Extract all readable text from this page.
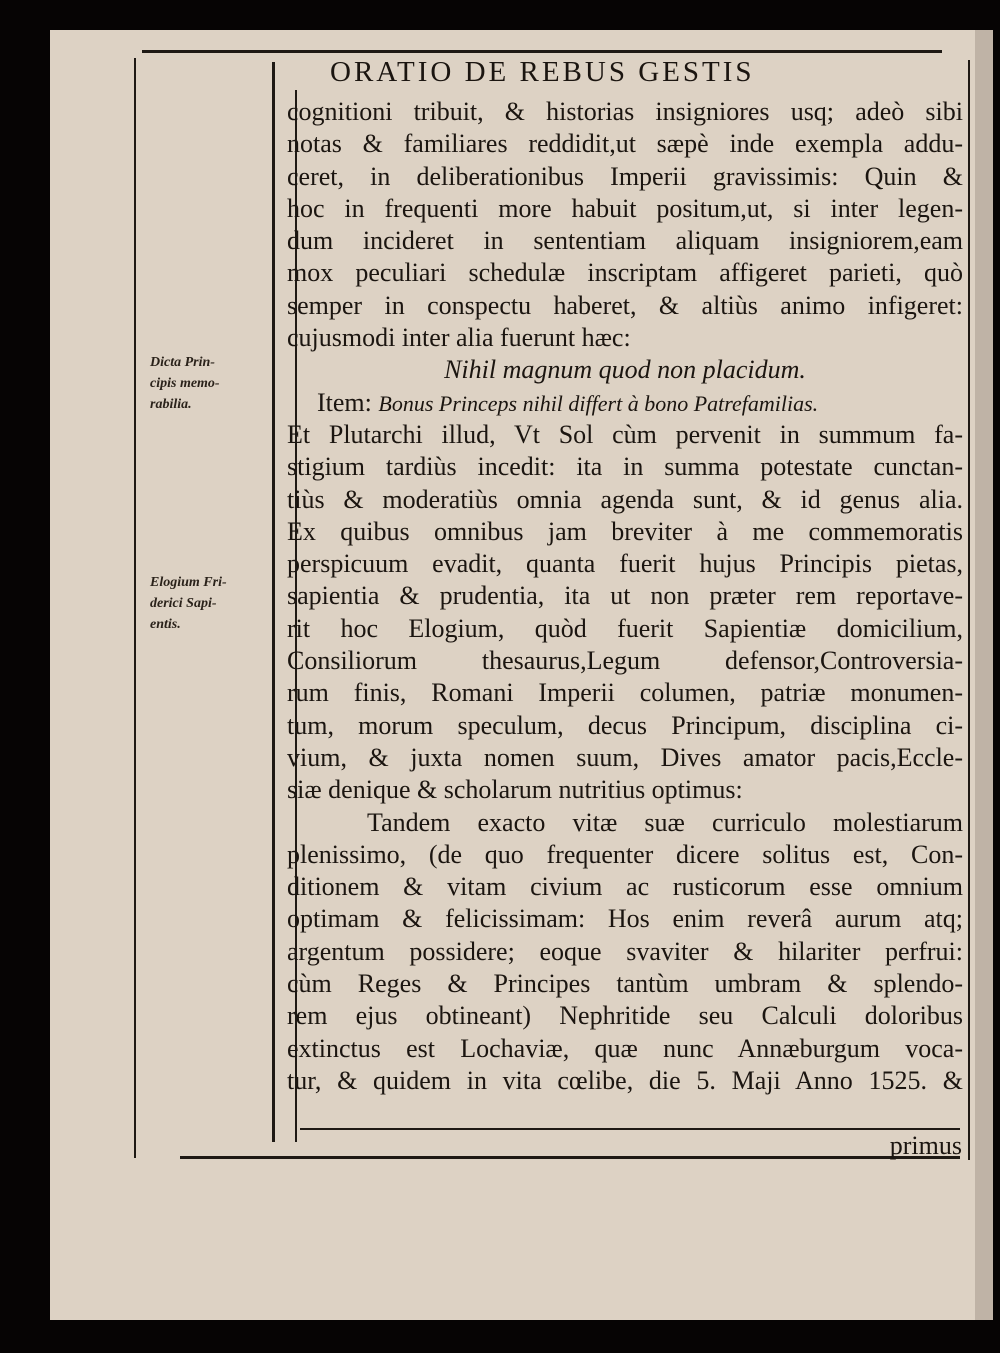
ORATIO DE REBUS GESTIS
Dicta Prin-
cipis memo-
rabilia.
Elogium Fri-
derici Sapi-
entis.
cognitioni tribuit, & historias insigniores usq; adeò sibi
notas & familiares reddidit,ut sæpè inde exempla addu-
ceret, in deliberationibus Imperii gravissimis: Quin &
hoc in frequenti more habuit positum,ut, si inter legen-
dum incideret in sententiam aliquam insigniorem,eam
mox peculiari schedulæ inscriptam affigeret parieti, quò
semper in conspectu haberet, & altiùs animo infigeret:
cujusmodi inter alia fuerunt hæc:
Nihil magnum quod non placidum.
Item: Bonus Princeps nihil differt à bono Patrefamilias.
Et Plutarchi illud, Vt Sol cùm pervenit in summum fa-
stigium tardiùs incedit: ita in summa potestate cunctan-
tiùs & moderatiùs omnia agenda sunt, & id genus alia.
Ex quibus omnibus jam breviter à me commemoratis
perspicuum evadit, quanta fuerit hujus Principis pietas,
sapientia & prudentia, ita ut non præter rem reportave-
rit hoc Elogium, quòd fuerit Sapientiæ domicilium,
Consiliorum thesaurus,Legum defensor,Controversia-
rum finis, Romani Imperii columen, patriæ monumen-
tum, morum speculum, decus Principum, disciplina ci-
vium, & juxta nomen suum, Dives amator pacis,Eccle-
siæ denique & scholarum nutritius optimus:
Tandem exacto vitæ suæ curriculo molestiarum
plenissimo, (de quo frequenter dicere solitus est, Con-
ditionem & vitam civium ac rusticorum esse omnium
optimam & felicissimam: Hos enim reverâ aurum atq;
argentum possidere; eoque svaviter & hilariter perfrui:
cùm Reges & Principes tantùm umbram & splendo-
rem ejus obtineant) Nephritide seu Calculi doloribus
extinctus est Lochaviæ, quæ nunc Annæburgum voca-
tur, & quidem in vita cœlibe, die 5. Maji Anno 1525. &
primus
